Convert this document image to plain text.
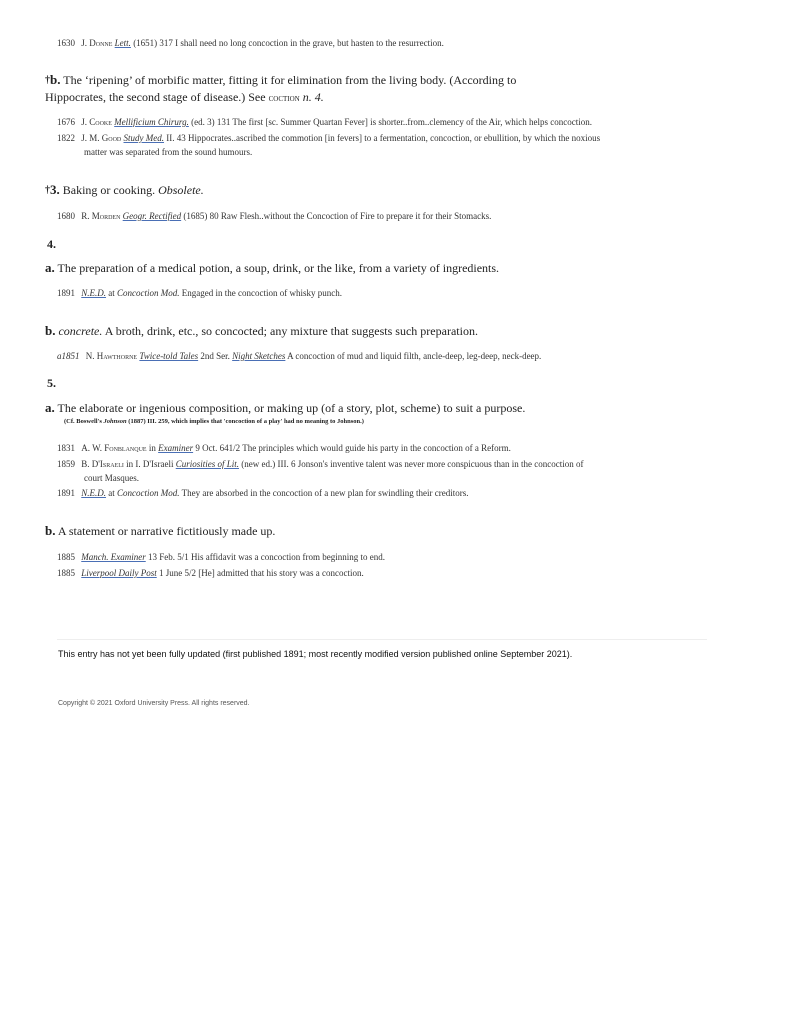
1630 J. Donne Lett. (1651) 317 I shall need no long concoction in the grave, but hasten to the resurrection.
†b. The ‘ripening’ of morbific matter, fitting it for elimination from the living body. (According to
Hippocrates, the second stage of disease.) See coction n. 4.
1676 J. Cooke Mellificium Chirurg. (ed. 3) 131 The first [sc. Summer Quartan Fever] is shorter..from..clemency of the Air, which helps concoction.
1822 J. M. Good Study Med. II. 43 Hippocrates..ascribed the commotion [in fevers] to a fermentation, concoction, or ebullition, by which the noxious
matter was separated from the sound humours.
†3. Baking or cooking. Obsolete.
1680 R. Morden Geogr. Rectified (1685) 80 Raw Flesh..without the Concoction of Fire to prepare it for their Stomacks.
4.
a. The preparation of a medical potion, a soup, drink, or the like, from a variety of ingredients.
1891 N.E.D. at Concoction Mod. Engaged in the concoction of whisky punch.
b. concrete. A broth, drink, etc., so concocted; any mixture that suggests such preparation.
a1851 N. Hawthorne Twice-told Tales 2nd Ser. Night Sketches A concoction of mud and liquid filth, ancle-deep, leg-deep, neck-deep.
5.
a. The elaborate or ingenious composition, or making up (of a story, plot, scheme) to suit a purpose.
(Cf. Boswell's Johnson (1887) III. 259, which implies that 'concoction of a play' had no meaning to Johnson.)
1831 A. W. Fonblanque in Examiner 9 Oct. 641/2 The principles which would guide his party in the concoction of a Reform.
1859 B. D'Israeli in I. D'Israeli Curiosities of Lit. (new ed.) III. 6 Jonson's inventive talent was never more conspicuous than in the concoction of
court Masques.
1891 N.E.D. at Concoction Mod. They are absorbed in the concoction of a new plan for swindling their creditors.
b. A statement or narrative fictitiously made up.
1885 Manch. Examiner 13 Feb. 5/1 His affidavit was a concoction from beginning to end.
1885 Liverpool Daily Post 1 June 5/2 [He] admitted that his story was a concoction.
This entry has not yet been fully updated (first published 1891; most recently modified version published online September 2021).
Copyright © 2021 Oxford University Press. All rights reserved.
